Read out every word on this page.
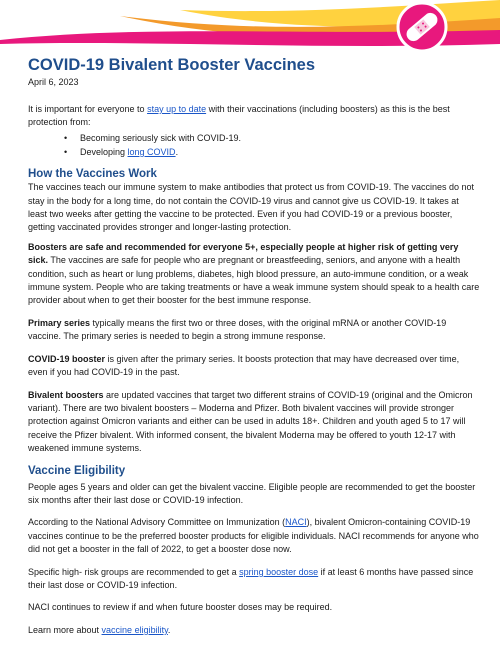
COVID-19 Bivalent Booster Vaccines
April 6, 2023

It is important for everyone to stay up to date with their vaccinations (including boosters) as this is the best protection from:

• Becoming seriously sick with COVID-19.
• Developing long COVID.
How the Vaccines Work

The vaccines teach our immune system to make antibodies that protect us from COVID-19. The vaccines do not stay in the body for a long time, do not contain the COVID-19 virus and cannot give us COVID-19. It takes at least two weeks after getting the vaccine to be protected. Even if you had COVID-19 or a previous booster, getting vaccinated provides stronger and longer-lasting protection.

Boosters are safe and recommended for everyone 5+, especially people at higher risk of getting very sick. The vaccines are safe for people who are pregnant or breastfeeding, seniors, and anyone with a health condition, such as heart or lung problems, diabetes, high blood pressure, an auto-immune condition, or a weak immune system. People who are taking treatments or have a weak immune system should speak to a health care provider about when to get their booster for the best immune response.

Primary series typically means the first two or three doses, with the original mRNA or another COVID-19 vaccine. The primary series is needed to begin a strong immune response.

COVID-19 booster is given after the primary series. It boosts protection that may have decreased over time, even if you had COVID-19 in the past.

Bivalent boosters are updated vaccines that target two different strains of COVID-19 (original and the Omicron variant). There are two bivalent boosters – Moderna and Pfizer. Both bivalent vaccines will provide stronger protection against Omicron variants and either can be used in adults 18+. Children and youth aged 5 to 17 will receive the Pfizer bivalent. With informed consent, the bivalent Moderna may be offered to youth 12-17 with weakened immune systems.

Vaccine Eligibility

People ages 5 years and older can get the bivalent vaccine. Eligible people are recommended to get the booster six months after their last dose or COVID-19 infection.

According to the National Advisory Committee on Immunization (NACI), bivalent Omicron-containing COVID-19 vaccines continue to be the preferred booster products for eligible individuals. NACI recommends for anyone who did not get a booster in the fall of 2022, to get a booster dose now.

Specific high- risk groups are recommended to get a spring booster dose if at least 6 months have passed since their last dose or COVID-19 infection.

NACI continues to review if and when future booster doses may be required.

Learn more about vaccine eligibility.
